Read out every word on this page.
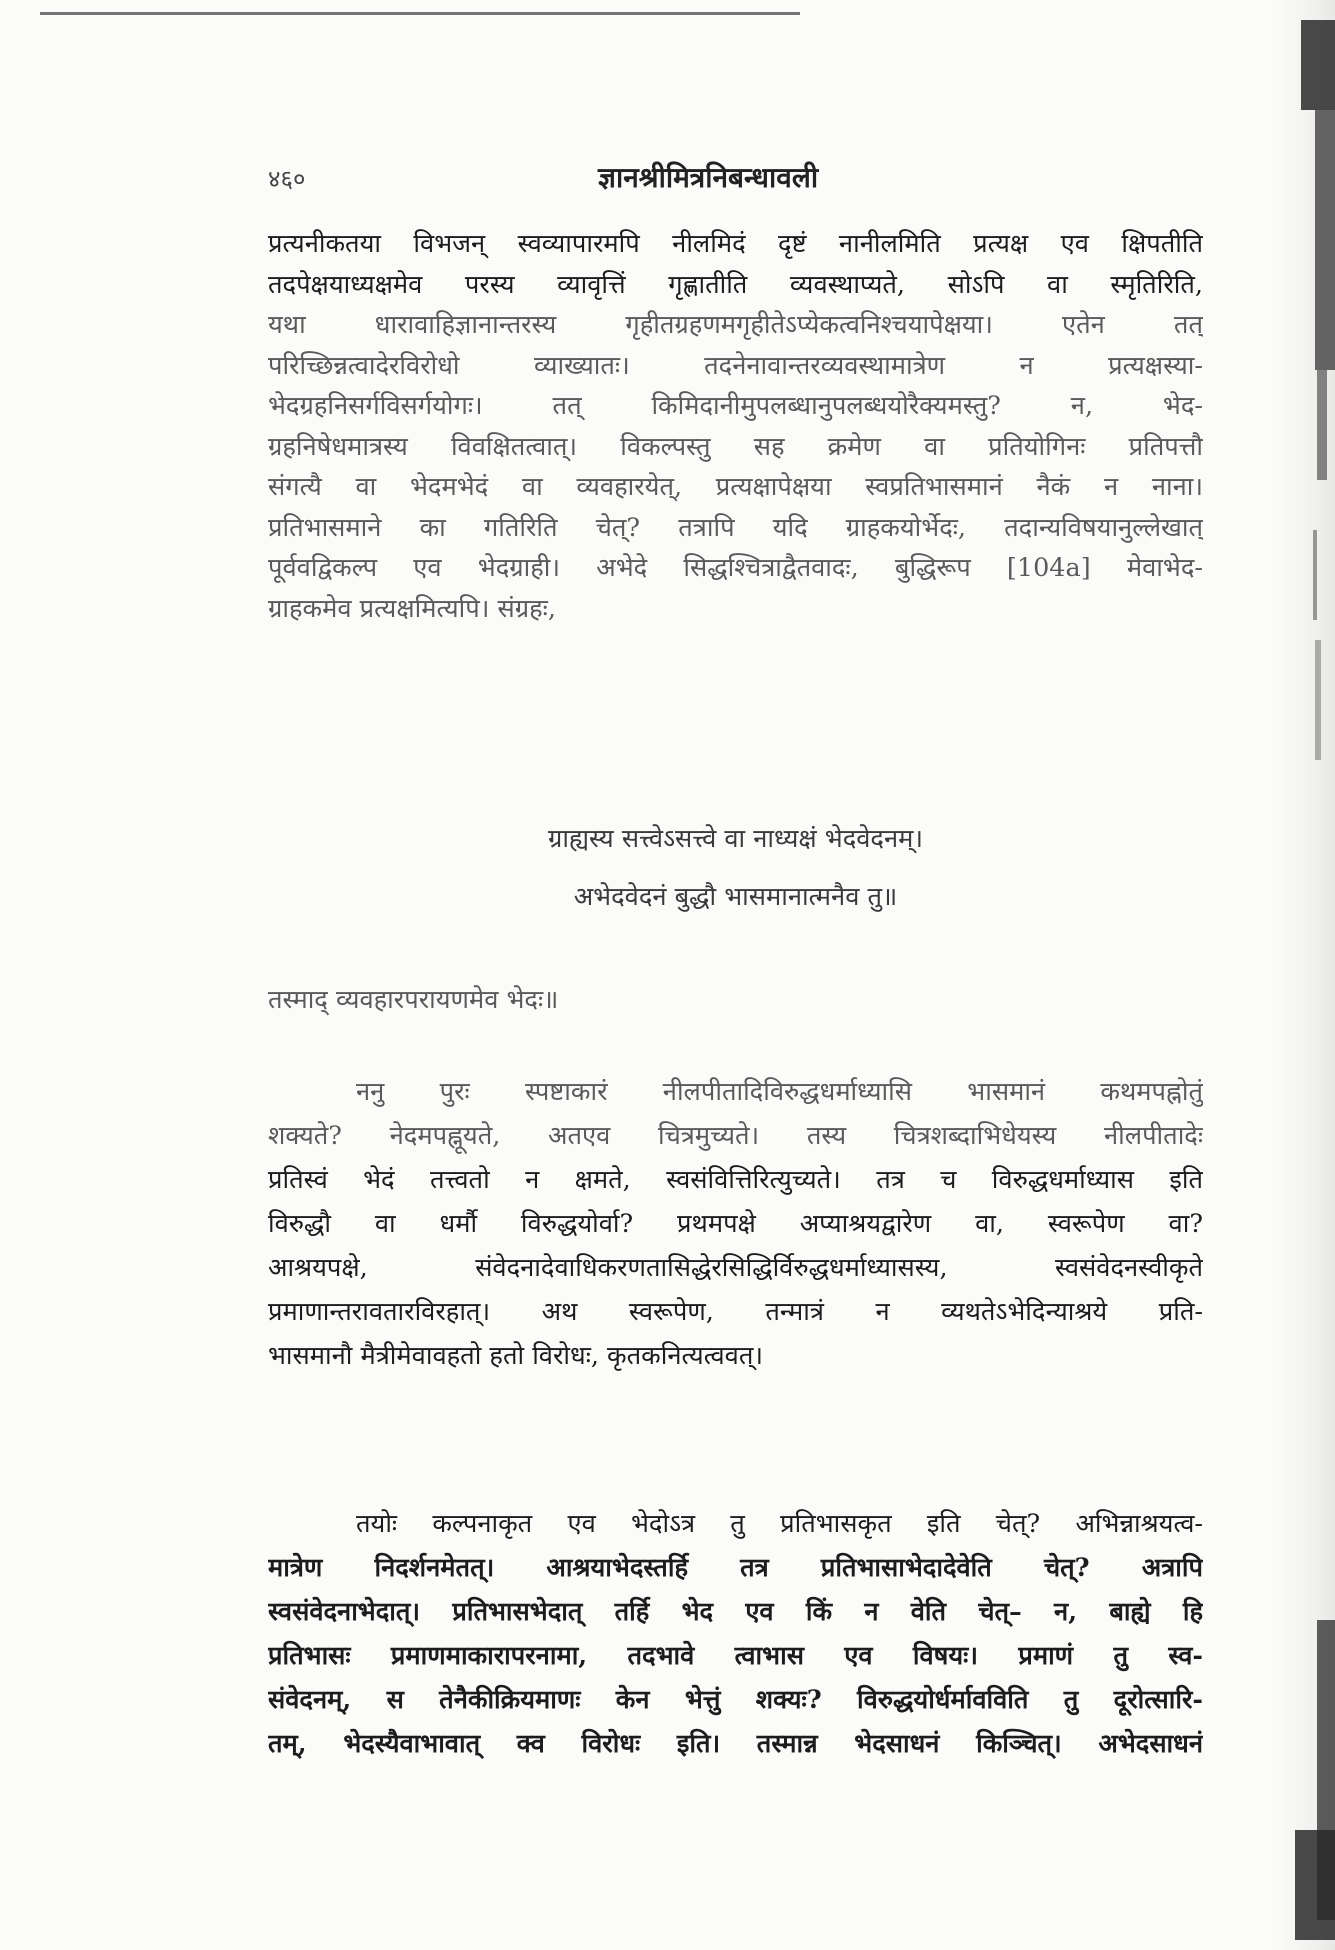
४६०	ज्ञानश्रीमित्रनिबन्धावली
प्रत्यनीकतया विभजन् स्वव्यापारमपि नीलमिदं दृष्टं नानीलमिति प्रत्यक्ष एव क्षिपतीति
तदपेक्षयाध्यक्षमेव परस्य व्यावृत्तिं गृह्णातीति व्यवस्थाप्यते, सोऽपि वा स्मृतिरिति,
यथा धारावाहिज्ञानान्तरस्य गृहीतग्रहणमगृहीतेऽप्येकत्वनिश्चयापेक्षया। एतेन तत्
परिच्छिन्नत्वादेरविरोधो व्याख्यातः। तदनेनावान्तरव्यवस्थामात्रेण न प्रत्यक्षस्या-
भेदग्रहनिसर्गविसर्गयोगः। तत् किमिदानीमुपलब्धानुपलब्धयोरैक्यमस्तु? न, भेद-
ग्रहनिषेधमात्रस्य विवक्षितत्वात्। विकल्पस्तु सह क्रमेण वा प्रतियोगिनः प्रतिपत्तौ
संगत्यै वा भेदमभेदं वा व्यवहारयेत्, प्रत्यक्षापेक्षया स्वप्रतिभासमानं नैकं न नाना।
प्रतिभासमाने का गतिरिति चेत्? तत्रापि यदि ग्राहकयोर्भेदः, तदान्यविषयानुल्लेखात्
पूर्ववद्विकल्प एव भेदग्राही। अभेदे सिद्धश्चित्राद्वैतवादः, बुद्धिरूप [104a] मेवाभेद-
ग्राहकमेव प्रत्यक्षमित्यपि। संग्रहः,
ग्राह्यस्य सत्त्वेऽसत्त्वे वा नाध्यक्षं भेदवेदनम्।
अभेदवेदनं बुद्धौ भासमानात्मनैव तु॥
तस्माद् व्यवहारपरायणमेव भेदः॥
ननु पुरः स्पष्टाकारं नीलपीतादिविरुद्धधर्माध्यासि भासमानं कथमपह्नोतुं
शक्यते? नेदमपह्नूयते, अतएव चित्रमुच्यते। तस्य चित्रशब्दाभिधेयस्य नीलपीतादेः
प्रतिस्वं भेदं तत्त्वतो न क्षमते, स्वसंवित्तिरित्युच्यते। तत्र च विरुद्धधर्माध्यास इति
विरुद्धौ वा धर्मौ विरुद्धयोर्वा? प्रथमपक्षे अप्याश्रयद्वारेण वा, स्वरूपेण वा?
आश्रयपक्षे, संवेदनादेवाधिकरणतासिद्धेरसिद्धिर्विरुद्धधर्माध्यासस्य, स्वसंवेदनस्वीकृते
प्रमाणान्तरावतारविरहात्। अथ स्वरूपेण, तन्मात्रं न व्यथतेऽभेदिन्याश्रये प्रति-
भासमानौ मैत्रीमेवावहतो हतो विरोधः, कृतकनित्यत्ववत्।
तयोः कल्पनाकृत एव भेदोऽत्र तु प्रतिभासकृत इति चेत्? अभिन्नाश्रयत्व-
मात्रेण निदर्शनमेतत्। आश्रयाभेदस्तर्हि तत्र प्रतिभासाभेदादेवेति चेत्? अत्रापि
स्वसंवेदनाभेदात्। प्रतिभासभेदात् तर्हि भेद एव किं न वेति चेत्– न, बाह्ये हि
प्रतिभासः प्रमाणमाकारापरनामा, तदभावे त्वाभास एव विषयः। प्रमाणं तु स्व-
संवेदनम्, स तेनैकीक्रियमाणः केन भेत्तुं शक्यः? विरुद्धयोर्धर्मावविति तु दूरोत्सारि-
तम्, भेदस्यैवाभावात् क्व विरोधः इति। तस्मान्न भेदसाधनं किञ्चित्। अभेदसाधनं
